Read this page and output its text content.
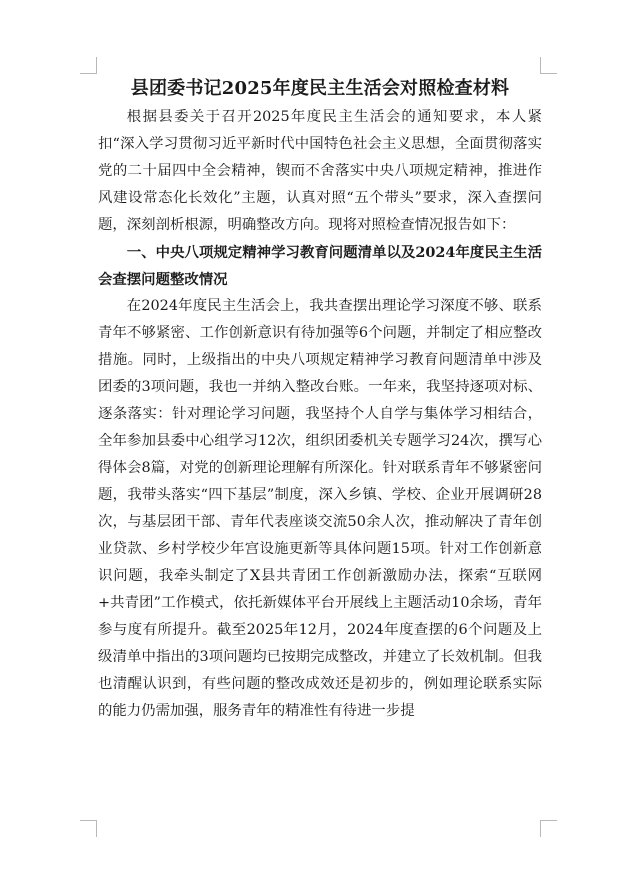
县团委书记2025年度民主生活会对照检查材料

根据县委关于召开2025年度民主生活会的通知要求，本人紧扣“深入学习贯彻习近平新时代中国特色社会主义思想，全面贯彻落实党的二十届四中全会精神，锲而不舍落实中央八项规定精神，推进作风建设常态化长效化”主题，认真对照“五个带头”要求，深入查摆问题，深刻剖析根源，明确整改方向。现将对照检查情况报告如下：

一、中央八项规定精神学习教育问题清单以及2024年度民主生活会查摆问题整改情况

在2024年度民主生活会上，我共查摆出理论学习深度不够、联系青年不够紧密、工作创新意识有待加强等6个问题，并制定了相应整改措施。同时，上级指出的中央八项规定精神学习教育问题清单中涉及团委的3项问题，我也一并纳入整改台账。一年来，我坚持逐项对标、逐条落实：针对理论学习问题，我坚持个人自学与集体学习相结合，全年参加县委中心组学习12次，组织团委机关专题学习24次，撰写心得体会8篇，对党的创新理论理解有所深化。针对联系青年不够紧密问题，我带头落实“四下基层”制度，深入乡镇、学校、企业开展调研28次，与基层团干部、青年代表座谈交流50余人次，推动解决了青年创业贷款、乡村学校少年宫设施更新等具体问题15项。针对工作创新意识问题，我牵头制定了X县共青团工作创新激励办法，探索“互联网+共青团”工作模式，依托新媒体平台开展线上主题活动10余场，青年参与度有所提升。截至2025年12月，2024年度查摆的6个问题及上级清单中指出的3项问题均已按期完成整改，并建立了长效机制。但我也清醒认识到，有些问题的整改成效还是初步的，例如理论联系实际的能力仍需加强，服务青年的精准性有待进一步提
